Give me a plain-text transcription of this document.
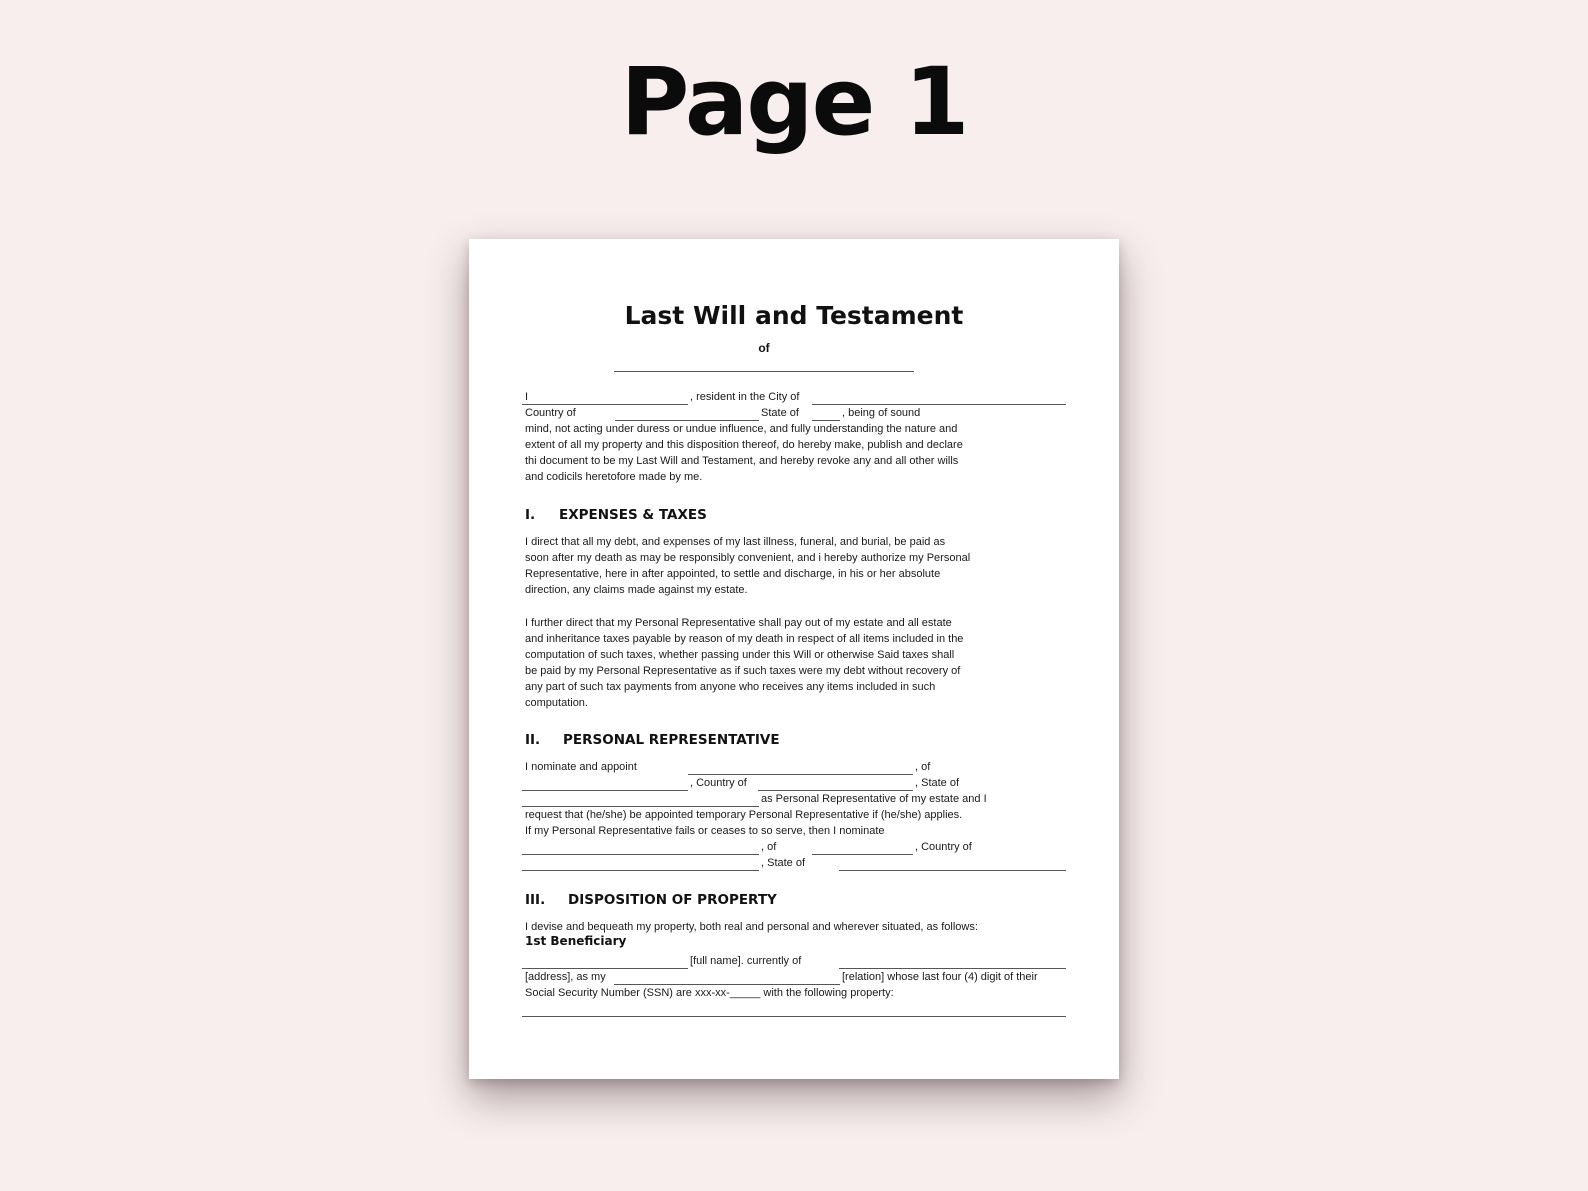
Page 1
Last Will and Testament
of
I	, resident in the City of
Country of	State of	, being of sound
mind, not acting under duress or undue influence, and fully understanding the nature and
extent of all my property and this disposition thereof, do hereby make, publish and declare
thi document to be my Last Will and Testament, and hereby revoke any and all other wills
and codicils heretofore made by me.
I. EXPENSES & TAXES
I direct that all my debt, and expenses of my last illness, funeral, and burial, be paid as
soon after my death as may be responsibly convenient, and i hereby authorize my Personal
Representative, here in after appointed, to settle and discharge, in his or her absolute
direction, any claims made against my estate.
I further direct that my Personal Representative shall pay out of my estate and all estate
and inheritance taxes payable by reason of my death in respect of all items included in the
computation of such taxes, whether passing under this Will or otherwise Said taxes shall
be paid by my Personal Representative as if such taxes were my debt without recovery of
any part of such tax payments from anyone who receives any items included in such
computation.
II. PERSONAL REPRESENTATIVE
I nominate and appoint	, of
, Country of	, State of
as Personal Representative of my estate and I
request that (he/she) be appointed temporary Personal Representative if (he/she) applies.
If my Personal Representative fails or ceases to so serve, then I nominate
, of	, Country of
, State of
III. DISPOSITION OF PROPERTY
I devise and bequeath my property, both real and personal and wherever situated, as follows:
1st Beneficiary
[full name]. currently of
[address], as my	[relation] whose last four (4) digit of their
Social Security Number (SSN) are xxx-xx-_____ with the following property:
